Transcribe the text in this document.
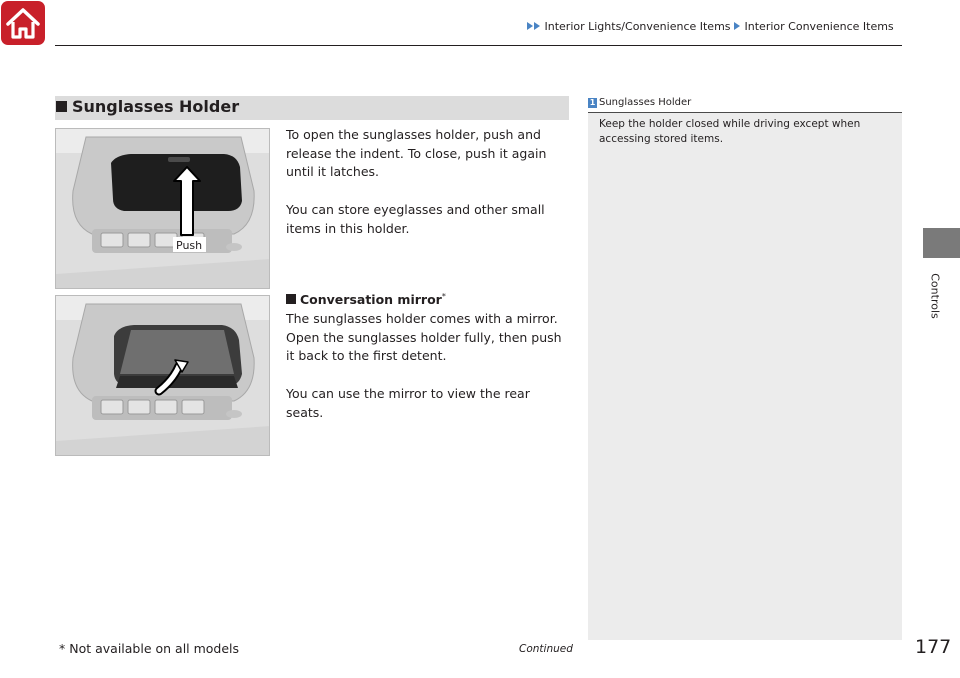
Interior Lights/Convenience Items Interior Convenience Items
Sunglasses Holder
Push
To open the sunglasses holder, push and release the indent. To close, push it again until it latches.
You can store eyeglasses and other small items in this holder.
Conversation mirror*
The sunglasses holder comes with a mirror. Open the sunglasses holder fully, then push it back to the first detent.
You can use the mirror to view the rear seats.
1 Sunglasses Holder
Keep the holder closed while driving except when accessing stored items.
Controls
* Not available on all models	Continued	177
